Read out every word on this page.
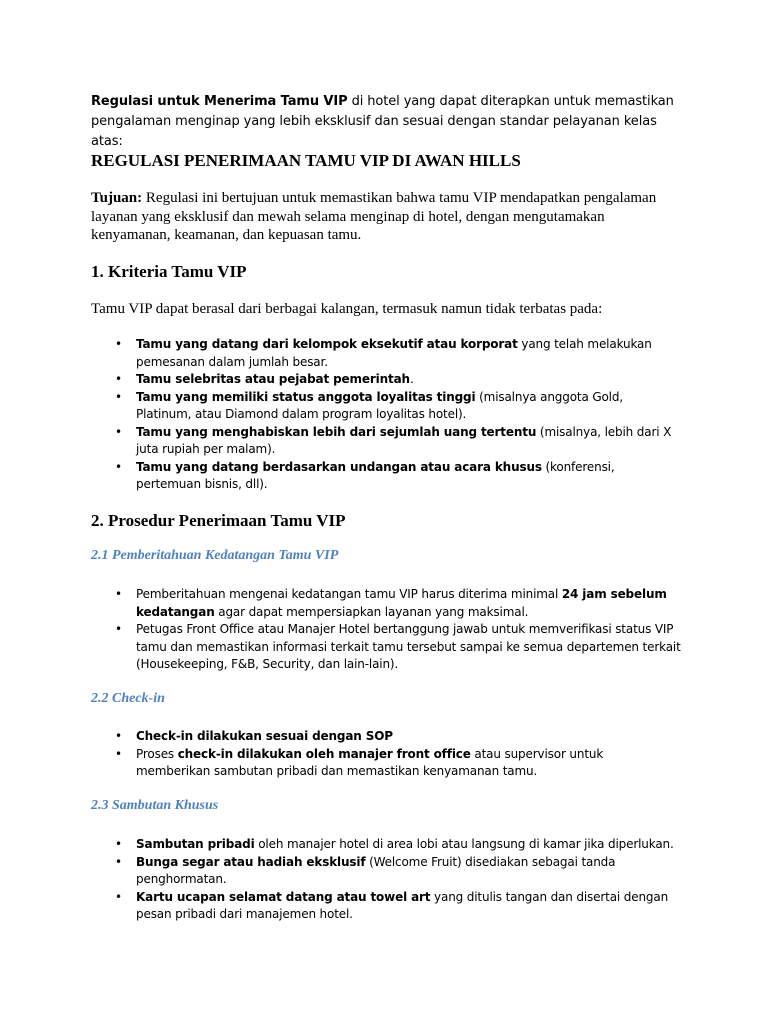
Regulasi untuk Menerima Tamu VIP di hotel yang dapat diterapkan untuk memastikan pengalaman menginap yang lebih eksklusif dan sesuai dengan standar pelayanan kelas atas:

REGULASI PENERIMAAN TAMU VIP DI AWAN HILLS

Tujuan: Regulasi ini bertujuan untuk memastikan bahwa tamu VIP mendapatkan pengalaman layanan yang eksklusif dan mewah selama menginap di hotel, dengan mengutamakan kenyamanan, keamanan, dan kepuasan tamu.

1. Kriteria Tamu VIP

Tamu VIP dapat berasal dari berbagai kalangan, termasuk namun tidak terbatas pada:

• Tamu yang datang dari kelompok eksekutif atau korporat yang telah melakukan pemesanan dalam jumlah besar.
• Tamu selebritas atau pejabat pemerintah.
• Tamu yang memiliki status anggota loyalitas tinggi (misalnya anggota Gold, Platinum, atau Diamond dalam program loyalitas hotel).
• Tamu yang menghabiskan lebih dari sejumlah uang tertentu (misalnya, lebih dari X juta rupiah per malam).
• Tamu yang datang berdasarkan undangan atau acara khusus (konferensi, pertemuan bisnis, dll).
2. Prosedur Penerimaan Tamu VIP
2.1 Pemberitahuan Kedatangan Tamu VIP
• Pemberitahuan mengenai kedatangan tamu VIP harus diterima minimal 24 jam sebelum kedatangan agar dapat mempersiapkan layanan yang maksimal.
• Petugas Front Office atau Manajer Hotel bertanggung jawab untuk memverifikasi status VIP tamu dan memastikan informasi terkait tamu tersebut sampai ke semua departemen terkait (Housekeeping, F&B, Security, dan lain-lain).
2.2 Check-in
• Check-in dilakukan sesuai dengan SOP
• Proses check-in dilakukan oleh manajer front office atau supervisor untuk memberikan sambutan pribadi dan memastikan kenyamanan tamu.
2.3 Sambutan Khusus
• Sambutan pribadi oleh manajer hotel di area lobi atau langsung di kamar jika diperlukan.
• Bunga segar atau hadiah eksklusif (Welcome Fruit) disediakan sebagai tanda penghormatan.
• Kartu ucapan selamat datang atau towel art yang ditulis tangan dan disertai dengan pesan pribadi dari manajemen hotel.
